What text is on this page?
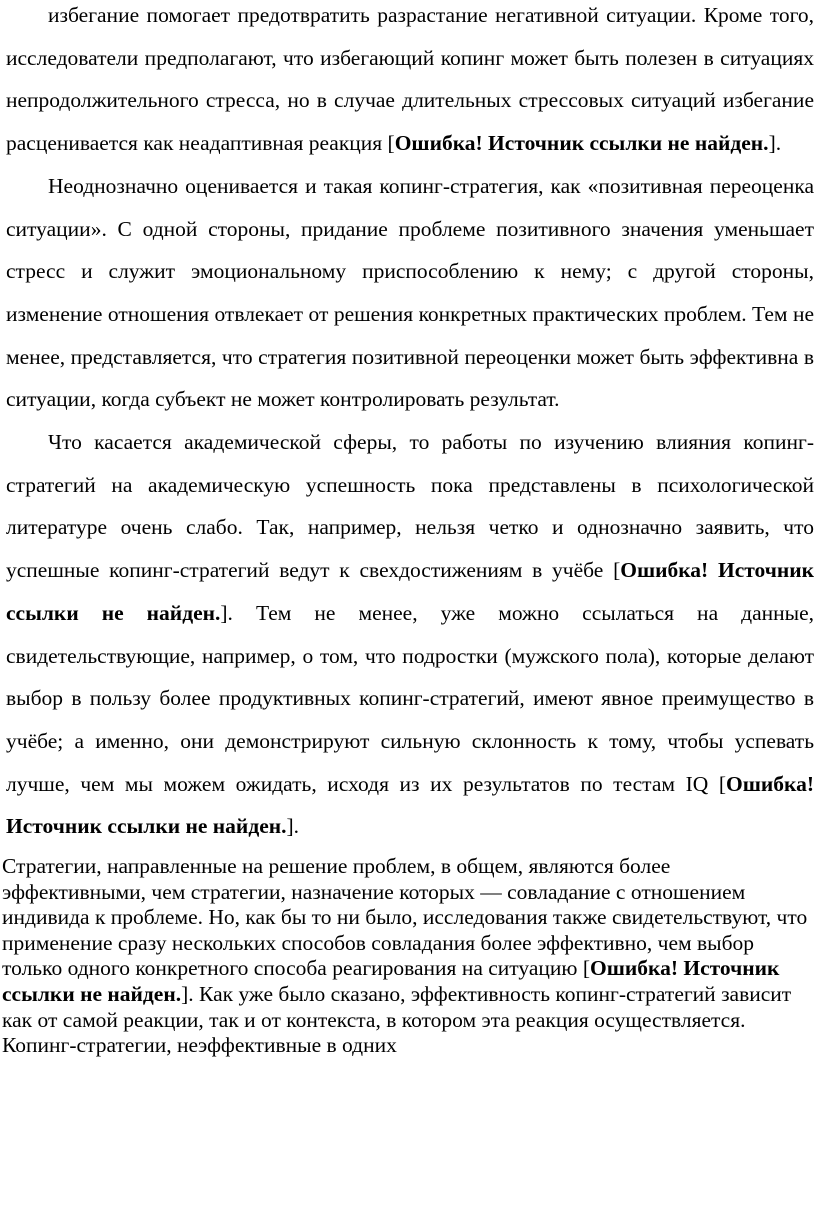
избегание помогает предотвратить разрастание негативной ситуации. Кроме того, исследователи предполагают, что избегающий копинг может быть полезен в ситуациях непродолжительного стресса, но в случае длительных стрессовых ситуаций избегание расценивается как неадаптивная реакция [Ошибка! Источник ссылки не найден.].

Неоднозначно оценивается и такая копинг-стратегия, как «позитивная переоценка ситуации». С одной стороны, придание проблеме позитивного значения уменьшает стресс и служит эмоциональному приспособлению к нему; с другой стороны, изменение отношения отвлекает от решения конкретных практических проблем. Тем не менее, представляется, что стратегия позитивной переоценки может быть эффективна в ситуации, когда субъект не может контролировать результат.

Что касается академической сферы, то работы по изучению влияния копинг-стратегий на академическую успешность пока представлены в психологической литературе очень слабо. Так, например, нельзя четко и однозначно заявить, что успешные копинг-стратегий ведут к свехдостижениям в учёбе [Ошибка! Источник ссылки не найден.]. Тем не менее, уже можно ссылаться на данные, свидетельствующие, например, о том, что подростки (мужского пола), которые делают выбор в пользу более продуктивных копинг-стратегий, имеют явное преимущество в учёбе; а именно, они демонстрируют сильную склонность к тому, чтобы успевать лучше, чем мы можем ожидать, исходя из их результатов по тестам IQ [Ошибка! Источник ссылки не найден.].

Стратегии, направленные на решение проблем, в общем, являются более эффективными, чем стратегии, назначение которых — совладание с отношением индивида к проблеме. Но, как бы то ни было, исследования также свидетельствуют, что применение сразу нескольких способов совладания более эффективно, чем выбор только одного конкретного способа реагирования на ситуацию [Ошибка! Источник ссылки не найден.]. Как уже было сказано, эффективность копинг-стратегий зависит как от самой реакции, так и от контекста, в котором эта реакция осуществляется. Копинг-стратегии, неэффективные в одних
